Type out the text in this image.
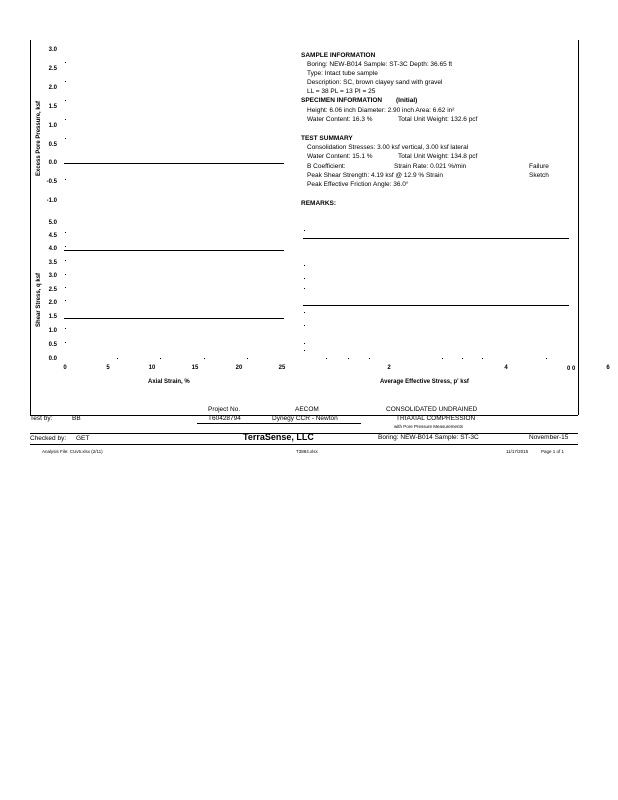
Excess Pore Pressure, ksf
3.0
2.5
2.0
1.5
1.0
0.5
0.0
-0.5
-1.0
Shear Stress, q ksf
5.0
4.5
4.0
3.5
3.0
2.5
2.0
1.5
1.0
0.5
0.0
0	5	10	15	20	25
Axial Strain, %
2	4	6
0 0
Average Effective Stress, p' ksf
SAMPLE INFORMATION
Boring: NEW-B014 Sample: ST-3C Depth: 36.65 ft
Type: Intact tube sample
Description: SC, brown clayey sand with gravel
LL = 38 PL = 13 PI = 25
SPECIMEN INFORMATION (Initial)
Height: 6.06 inch Diameter: 2.90 inch Area: 6.62 in²
Water Content: 16.3 %	Total Unit Weight: 132.6 pcf
TEST SUMMARY
Consolidation Stresses: 3.00 ksf vertical, 3.00 ksf lateral
Water Content: 15.1 %	Total Unit Weight: 134.8 pcf
B Coefficient:	Strain Rate: 0.021 %/min	Failure
Peak Shear Strength: 4.19 ksf @ 12.9 % Strain	Sketch
Peak Effective Friction Angle: 36.0°
REMARKS:
Test by:	BB
Project No.
T60428794
AECOM
Dynegy CCR - Newton
CONSOLIDATED UNDRAINED
TRIAXIAL COMPRESSION
with Pore Pressure Measurements
Checked by: GET	TerraSense, LLC	Boring: NEW-B014 Sample: ST-3C	November-15
Analysis File: CUv5.xlsx (2/11)	T3884.xlsx	11/17/2015	Page 1 of 1
